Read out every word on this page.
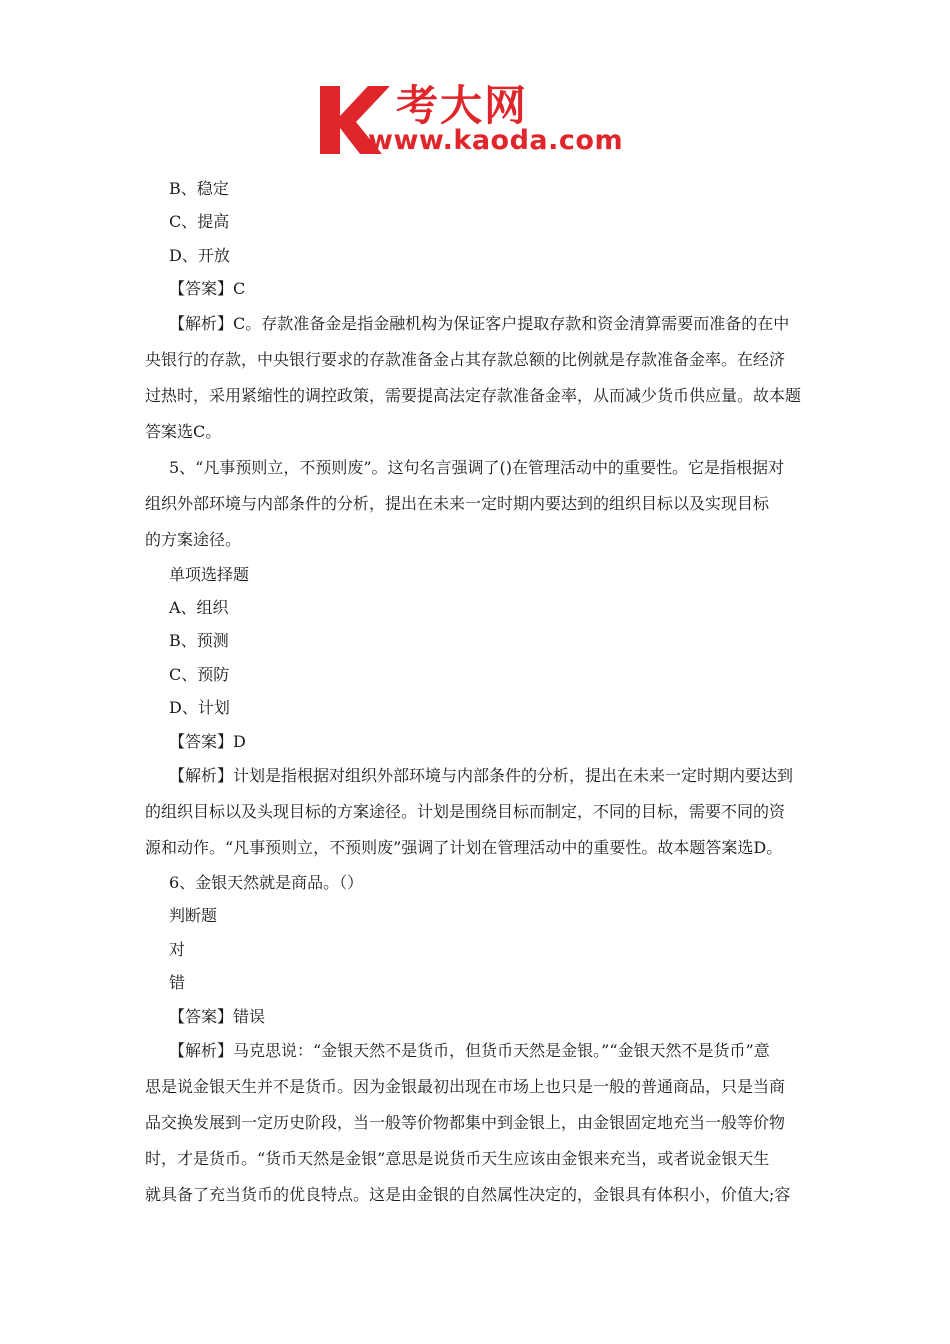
考大网
www.kaoda.com
B、稳定
C、提高
D、开放
【答案】C
【解析】C。存款准备金是指金融机构为保证客户提取存款和资金清算需要而准备的在中
央银行的存款，中央银行要求的存款准备金占其存款总额的比例就是存款准备金率。在经济
过热时，采用紧缩性的调控政策，需要提高法定存款准备金率，从而减少货币供应量。故本题
答案选C。
5、“凡事预则立，不预则废”。这句名言强调了()在管理活动中的重要性。它是指根据对
组织外部环境与内部条件的分析，提出在未来一定时期内要达到的组织目标以及实现目标
的方案途径。
单项选择题
A、组织
B、预测
C、预防
D、计划
【答案】D
【解析】计划是指根据对组织外部环境与内部条件的分析，提出在未来一定时期内要达到
的组织目标以及头现目标的方案途径。计划是围绕目标而制定，不同的目标，需要不同的资
源和动作。“凡事预则立，不预则废”强调了计划在管理活动中的重要性。故本题答案选D。
6、金银天然就是商品。（）
判断题
对
错
【答案】错误
【解析】马克思说：“金银天然不是货币，但货币天然是金银。”“金银天然不是货币”意
思是说金银天生并不是货币。因为金银最初出现在市场上也只是一般的普通商品，只是当商
品交换发展到一定历史阶段，当一般等价物都集中到金银上，由金银固定地充当一般等价物
时，才是货币。“货币天然是金银”意思是说货币天生应该由金银来充当，或者说金银天生
就具备了充当货币的优良特点。这是由金银的自然属性决定的，金银具有体积小，价值大;容
